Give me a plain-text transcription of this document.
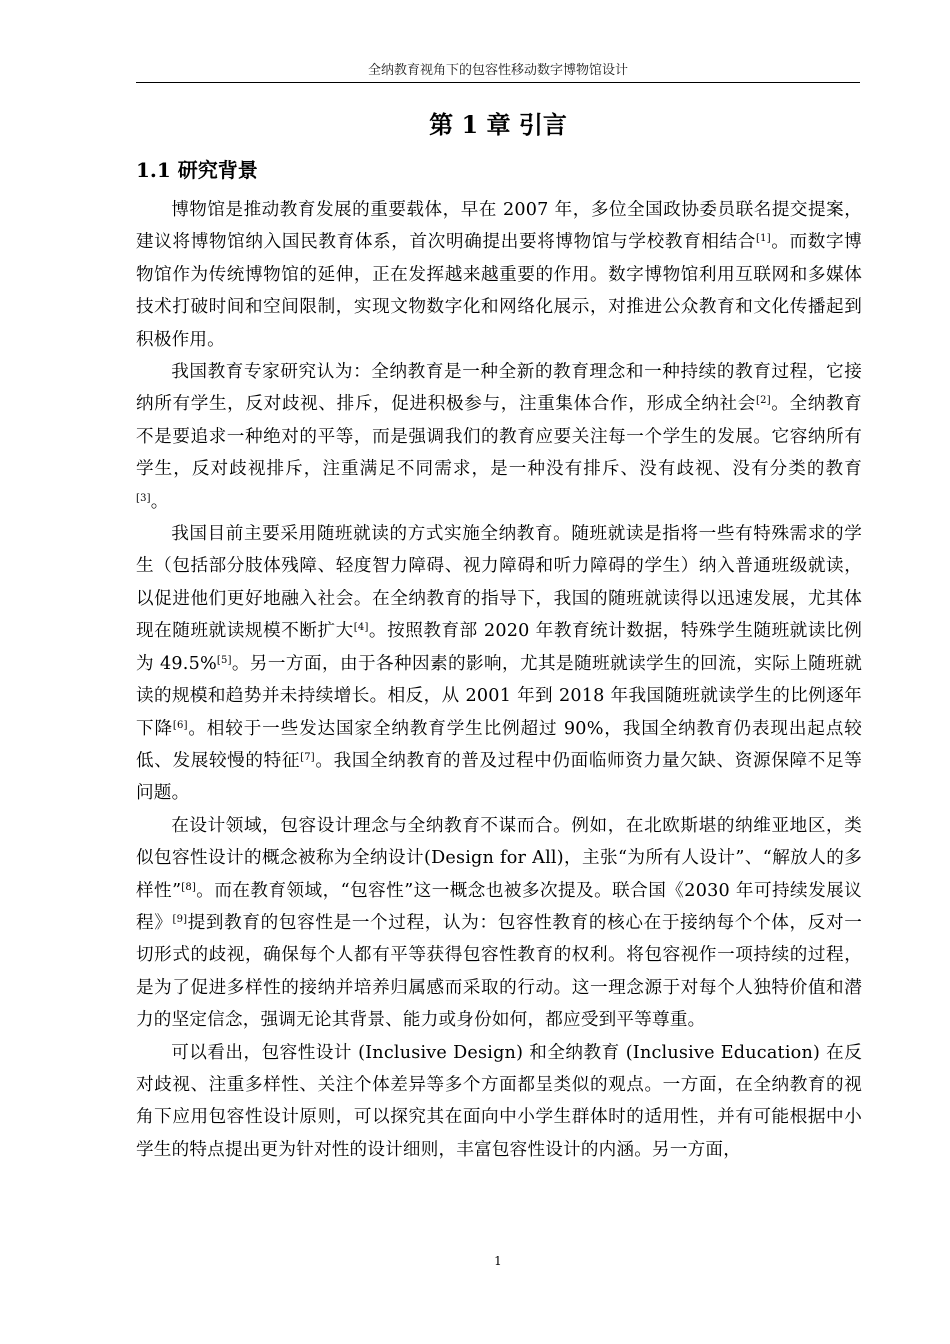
全纳教育视角下的包容性移动数字博物馆设计
第 1 章 引言
1.1 研究背景

博物馆是推动教育发展的重要载体，早在 2007 年，多位全国政协委员联名提交提案，建议将博物馆纳入国民教育体系，首次明确提出要将博物馆与学校教育相结合[1]。而数字博物馆作为传统博物馆的延伸，正在发挥越来越重要的作用。数字博物馆利用互联网和多媒体技术打破时间和空间限制，实现文物数字化和网络化展示，对推进公众教育和文化传播起到积极作用。

我国教育专家研究认为：全纳教育是一种全新的教育理念和一种持续的教育过程，它接纳所有学生，反对歧视、排斥，促进积极参与，注重集体合作，形成全纳社会[2]。全纳教育不是要追求一种绝对的平等，而是强调我们的教育应要关注每一个学生的发展。它容纳所有学生，反对歧视排斥，注重满足不同需求，是一种没有排斥、没有歧视、没有分类的教育[3]。

我国目前主要采用随班就读的方式实施全纳教育。随班就读是指将一些有特殊需求的学生（包括部分肢体残障、轻度智力障碍、视力障碍和听力障碍的学生）纳入普通班级就读，以促进他们更好地融入社会。在全纳教育的指导下，我国的随班就读得以迅速发展，尤其体现在随班就读规模不断扩大[4]。按照教育部 2020 年教育统计数据，特殊学生随班就读比例为 49.5%[5]。另一方面，由于各种因素的影响，尤其是随班就读学生的回流，实际上随班就读的规模和趋势并未持续增长。相反，从 2001 年到 2018 年我国随班就读学生的比例逐年下降[6]。相较于一些发达国家全纳教育学生比例超过 90%，我国全纳教育仍表现出起点较低、发展较慢的特征[7]。我国全纳教育的普及过程中仍面临师资力量欠缺、资源保障不足等问题。

在设计领域，包容设计理念与全纳教育不谋而合。例如，在北欧斯堪的纳维亚地区，类似包容性设计的概念被称为全纳设计(Design for All)，主张“为所有人设计”、“解放人的多样性”[8]。而在教育领域，“包容性”这一概念也被多次提及。联合国《2030 年可持续发展议程》[9]提到教育的包容性是一个过程，认为：包容性教育的核心在于接纳每个个体，反对一切形式的歧视，确保每个人都有平等获得包容性教育的权利。将包容视作一项持续的过程，是为了促进多样性的接纳并培养归属感而采取的行动。这一理念源于对每个人独特价值和潜力的坚定信念，强调无论其背景、能力或身份如何，都应受到平等尊重。

可以看出，包容性设计 (Inclusive Design) 和全纳教育 (Inclusive Education) 在反对歧视、注重多样性、关注个体差异等多个方面都呈类似的观点。一方面，在全纳教育的视角下应用包容性设计原则，可以探究其在面向中小学生群体时的适用性，并有可能根据中小学生的特点提出更为针对性的设计细则，丰富包容性设计的内涵。另一方面，

1
